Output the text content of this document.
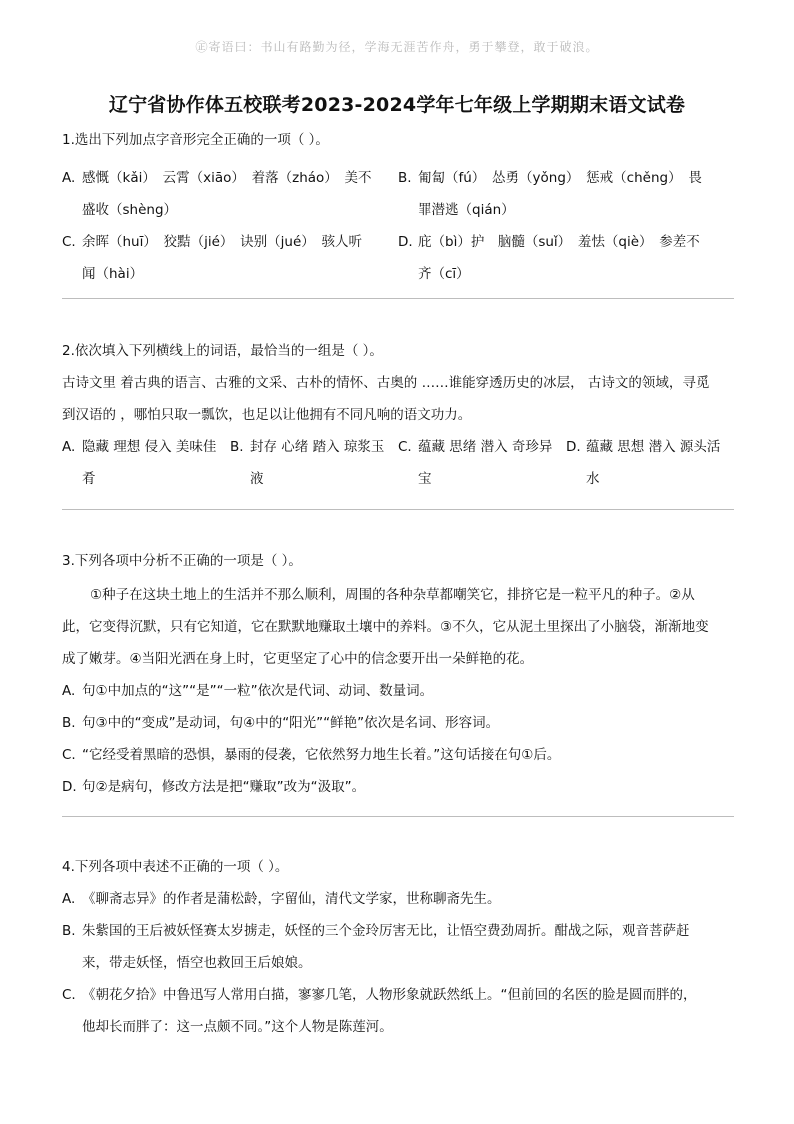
㊣寄语曰：书山有路勤为径，学海无涯苦作舟，勇于攀登，敢于破浪。
辽宁省协作体五校联考2023-2024学年七年级上学期期末语文试卷

1.选出下列加点字音形完全正确的一项（ ）。

A. 感慨（kǎi）　云霄（xiāo）　着落（zháo）　美不
盛收（shèng）
B. 匍匐（fú）　怂勇（yǒng）　惩戒（chěng）　畏
罪潜逃（qián）
C. 余晖（huī）　狡黠（jié）　诀别（jué）　骇人听
闻（hài）
D. 庇（bì）护　脑髓（suǐ）　羞怯（qiè）　参差不
齐（cī）

2.依次填入下列横线上的词语，最恰当的一组是（ ）。

古诗文里 着古典的语言、古雅的文采、古朴的情怀、古奥的 ……谁能穿透历史的冰层， 古诗文的领域，寻觅
到汉语的 ，哪怕只取一瓢饮，也足以让他拥有不同凡响的语文功力。

A. 隐藏 理想 侵入 美味佳
肴
B. 封存 心绪 踏入 琼浆玉
液
C. 蕴藏 思绪 潜入 奇珍异
宝
D. 蕴藏 思想 潜入 源头活
水

3.下列各项中分析不正确的一项是（ ）。

①种子在这块土地上的生活并不那么顺利，周围的各种杂草都嘲笑它，排挤它是一粒平凡的种子。②从
此，它变得沉默，只有它知道，它在默默地赚取土壤中的养料。③不久，它从泥土里探出了小脑袋，渐渐地变
成了嫩芽。④当阳光洒在身上时，它更坚定了心中的信念要开出一朵鲜艳的花。

A. 句①中加点的“这”“是”“一粒”依次是代词、动词、数量词。
B. 句③中的“变成”是动词，句④中的“阳光”“鲜艳”依次是名词、形容词。
C. “它经受着黑暗的恐惧，暴雨的侵袭，它依然努力地生长着。”这句话接在句①后。
D. 句②是病句，修改方法是把“赚取”改为“汲取”。

4.下列各项中表述不正确的一项（ ）。

A. 《聊斋志异》的作者是蒲松龄，字留仙，清代文学家，世称聊斋先生。
B. 朱紫国的王后被妖怪赛太岁掳走，妖怪的三个金玲厉害无比，让悟空费劲周折。酣战之际，观音菩萨赶
来，带走妖怪，悟空也救回王后娘娘。
C. 《朝花夕拾》中鲁迅写人常用白描，寥寥几笔，人物形象就跃然纸上。“但前回的名医的脸是圆而胖的，
他却长而胖了：这一点颇不同。”这个人物是陈莲河。
